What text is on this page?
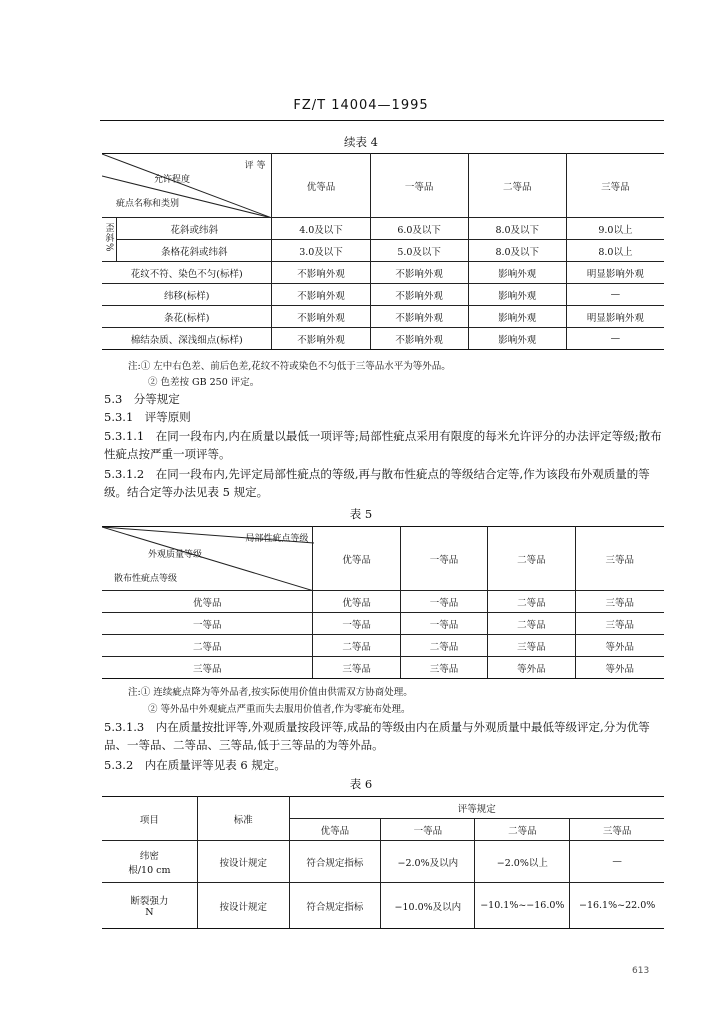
FZ/T 14004—1995
续表 4
评 等
允许程度
疵点名称和类别		优等品	一等品	二等品	三等品
歪斜%	花斜或纬斜	4.0及以下	6.0及以下	8.0及以下	9.0以上
	条格花斜或纬斜	3.0及以下	5.0及以下	8.0及以下	8.0以上
花纹不符、染色不匀(标样)		不影响外观	不影响外观	影响外观	明显影响外观
纬移(标样)		不影响外观	不影响外观	影响外观	—
条花(标样)		不影响外观	不影响外观	影响外观	明显影响外观
棉结杂质、深浅细点(标样)		不影响外观	不影响外观	影响外观	—
注:① 左中右色差、前后色差,花纹不符或染色不匀低于三等品水平为等外品。
② 色差按 GB 250 评定。
5.3　分等规定
5.3.1　评等原则
5.3.1.1　在同一段布内,内在质量以最低一项评等;局部性疵点采用有限度的每米允许评分的办法评定等级;散布性疵点按严重一项评等。
5.3.1.2　在同一段布内,先评定局部性疵点的等级,再与散布性疵点的等级结合定等,作为该段布外观质量的等级。结合定等办法见表 5 规定。
表 5
局部性疵点等级
外观质量等级
散布性疵点等级	优等品	一等品	二等品	三等品
优等品	优等品	一等品	二等品	三等品
一等品	一等品	一等品	二等品	三等品
二等品	二等品	二等品	三等品	等外品
三等品	三等品	三等品	等外品	等外品
注:① 连续疵点降为等外品者,按实际使用价值由供需双方协商处理。
② 等外品中外观疵点严重而失去服用价值者,作为零疵布处理。
5.3.1.3　内在质量按批评等,外观质量按段评等,成品的等级由内在质量与外观质量中最低等级评定,分为优等品、一等品、二等品、三等品,低于三等品的为等外品。
5.3.2　内在质量评等见表 6 规定。
表 6
项目	标准	评等规定			
		优等品	一等品	二等品	三等品

纬密
根/10 cm	按设计规定	符合规定指标	−2.0%及以内	−2.0%以上	—

断裂强力
N	按设计规定	符合规定指标	−10.0%及以内	−10.1%~−16.0%	−16.1%~22.0%
613
